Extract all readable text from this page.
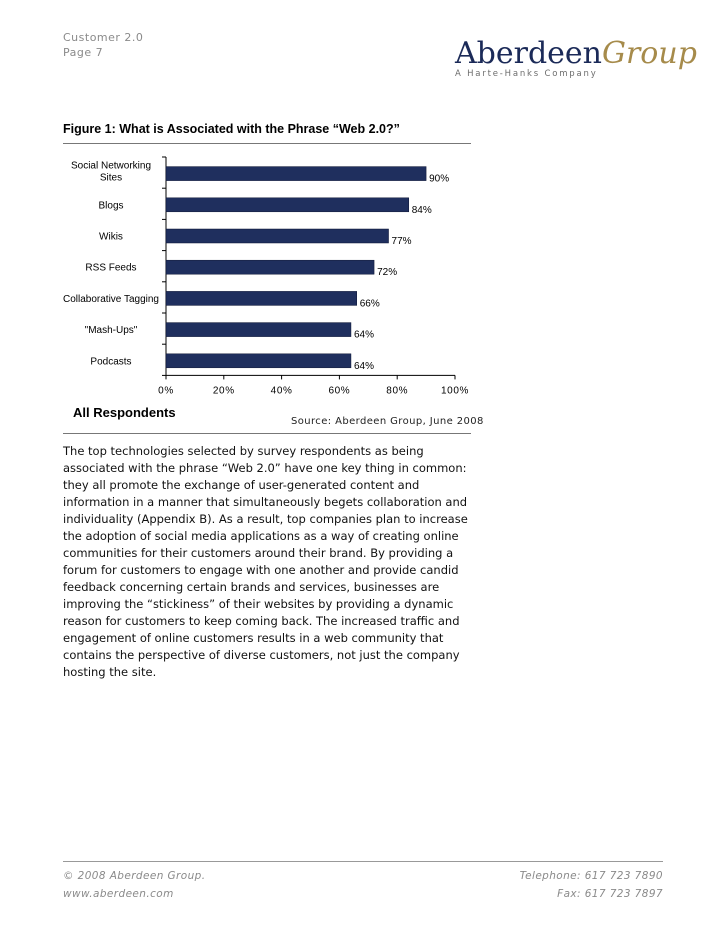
Customer 2.0
Page 7	AberdeenGroup
A Harte-Hanks Company
Figure 1: What is Associated with the Phrase “Web 2.0?”
90%
Social Networking Sites
84%
Blogs
77%
Wikis
72%
RSS Feeds
66%
Collaborative Tagging
64%
"Mash-Ups"
64%
Podcasts
0%	20%	40%	60%	80%	100%
All Respondents
Source: Aberdeen Group, June 2008

The top technologies selected by survey respondents as being associated with the phrase “Web 2.0” have one key thing in common: they all promote the exchange of user-generated content and information in a manner that simultaneously begets collaboration and individuality (Appendix B). As a result, top companies plan to increase the adoption of social media applications as a way of creating online communities for their customers around their brand. By providing a forum for customers to engage with one another and provide candid feedback concerning certain brands and services, businesses are improving the “stickiness” of their websites by providing a dynamic reason for customers to keep coming back. The increased traffic and engagement of online customers results in a web community that contains the perspective of diverse customers, not just the company hosting the site.

© 2008 Aberdeen Group.
www.aberdeen.com
Telephone: 617 723 7890
Fax: 617 723 7897
